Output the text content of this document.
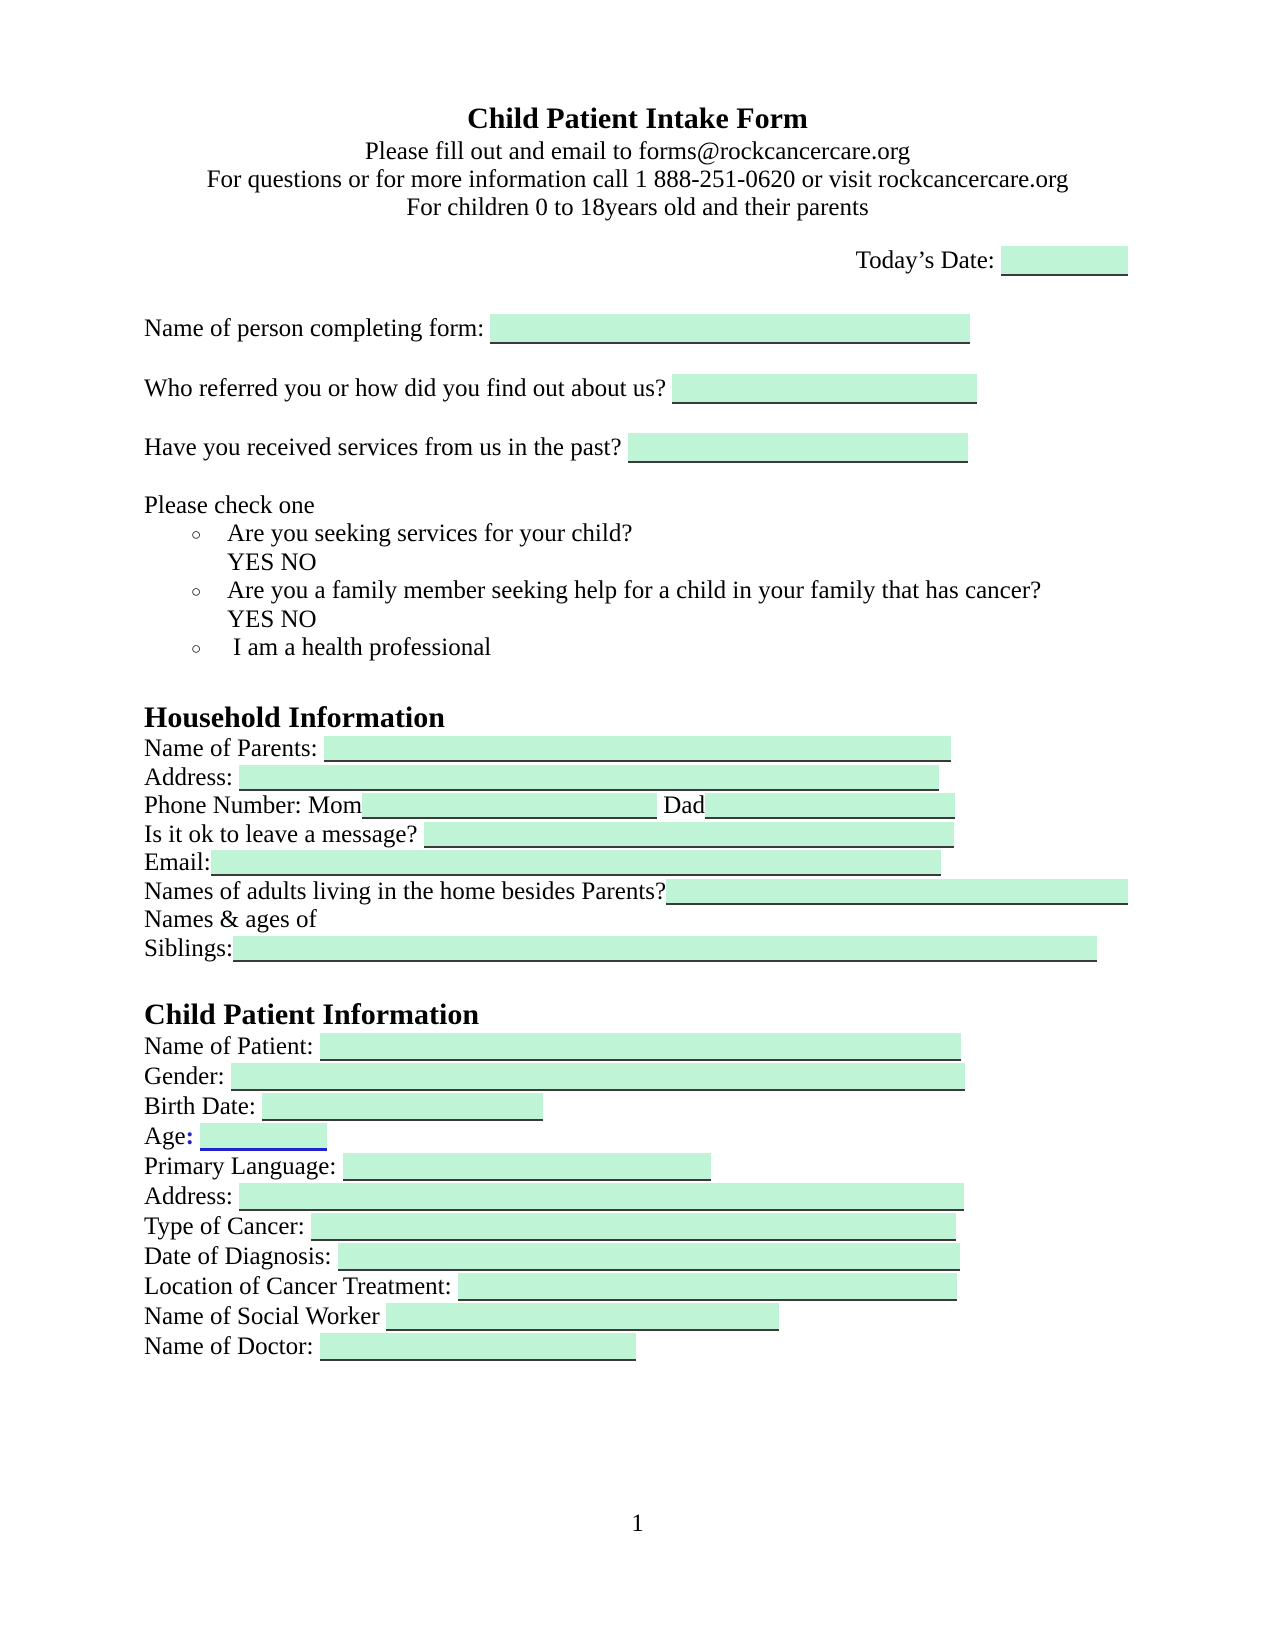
Child Patient Intake Form
Please fill out and email to forms@rockcancercare.org
For questions or for more information call 1 888-251-0620 or visit rockcancercare.org
For children 0 to 18years old and their parents
Today’s Date:
Name of person completing form:
Who referred you or how did you find out about us?
Have you received services from us in the past?
Please check one
○ Are you seeking services for your child?
YES NO
○ Are you a family member seeking help for a child in your family that has cancer?
YES NO
○ I am a health professional
Household Information
Name of Parents:
Address:
Phone Number: Mom	Dad
Is it ok to leave a message?
Email:
Names of adults living in the home besides Parents?
Names & ages of
Siblings:
Child Patient Information
Name of Patient:
Gender:
Birth Date:
Age:
Primary Language:
Address:
Type of Cancer:
Date of Diagnosis:
Location of Cancer Treatment:
Name of Social Worker
Name of Doctor:
1
